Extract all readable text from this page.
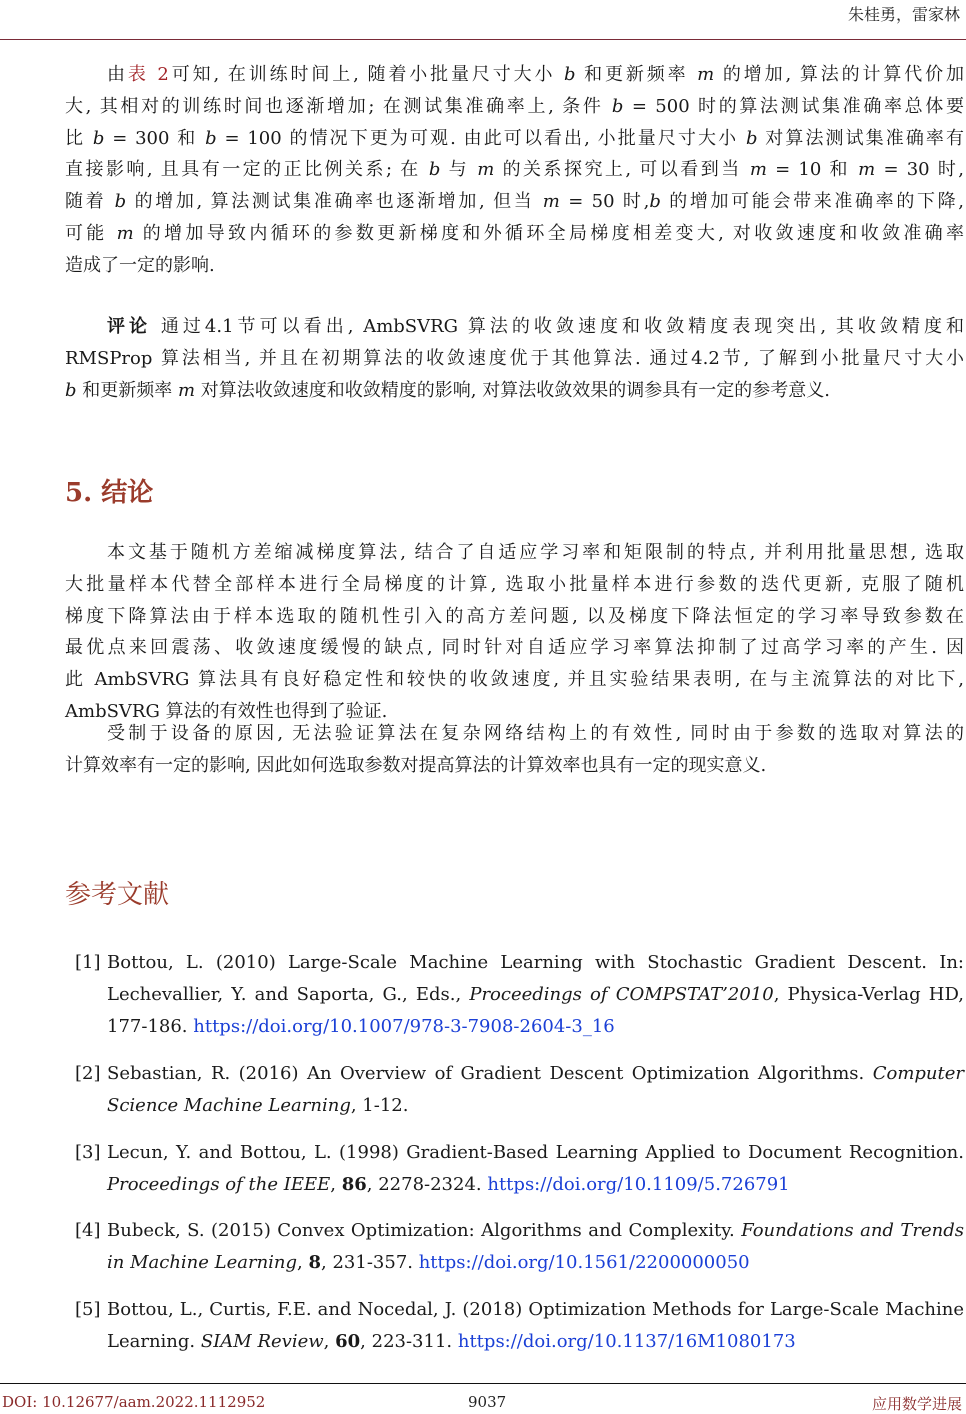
朱桂勇，雷家林
由表 2可知, 在训练时间上, 随着小批量尺寸大小 b 和更新频率 m 的增加, 算法的计算代价加
大, 其相对的训练时间也逐渐增加; 在测试集准确率上, 条件 b = 500 时的算法测试集准确率总体要
比 b = 300 和 b = 100 的情况下更为可观. 由此可以看出, 小批量尺寸大小 b 对算法测试集准确率有
直接影响, 且具有一定的正比例关系; 在 b 与 m 的关系探究上, 可以看到当 m = 10 和 m = 30 时,
随着 b 的增加, 算法测试集准确率也逐渐增加, 但当 m = 50 时,b 的增加可能会带来准确率的下降,
可能 m 的增加导致内循环的参数更新梯度和外循环全局梯度相差变大, 对收敛速度和收敛准确率
造成了一定的影响.
评论 通过4.1节可以看出, AmbSVRG 算法的收敛速度和收敛精度表现突出, 其收敛精度和
RMSProp 算法相当, 并且在初期算法的收敛速度优于其他算法. 通过4.2节, 了解到小批量尺寸大小
b 和更新频率 m 对算法收敛速度和收敛精度的影响, 对算法收敛效果的调参具有一定的参考意义.
5. 结论
本文基于随机方差缩减梯度算法, 结合了自适应学习率和矩限制的特点, 并利用批量思想, 选取
大批量样本代替全部样本进行全局梯度的计算, 选取小批量样本进行参数的迭代更新, 克服了随机
梯度下降算法由于样本选取的随机性引入的高方差问题, 以及梯度下降法恒定的学习率导致参数在
最优点来回震荡、收敛速度缓慢的缺点, 同时针对自适应学习率算法抑制了过高学习率的产生. 因
此 AmbSVRG 算法具有良好稳定性和较快的收敛速度, 并且实验结果表明, 在与主流算法的对比下,
AmbSVRG 算法的有效性也得到了验证.
受制于设备的原因, 无法验证算法在复杂网络结构上的有效性, 同时由于参数的选取对算法的
计算效率有一定的影响, 因此如何选取参数对提高算法的计算效率也具有一定的现实意义.
参考文献
[1] Bottou, L. (2010) Large-Scale Machine Learning with Stochastic Gradient Descent. In:
Lechevallier, Y. and Saporta, G., Eds., Proceedings of COMPSTAT’2010, Physica-Verlag HD,
177-186. https://doi.org/10.1007/978-3-7908-2604-3_16
[2] Sebastian, R. (2016) An Overview of Gradient Descent Optimization Algorithms. Computer
Science Machine Learning, 1-12.
[3] Lecun, Y. and Bottou, L. (1998) Gradient-Based Learning Applied to Document Recognition.
Proceedings of the IEEE, 86, 2278-2324. https://doi.org/10.1109/5.726791
[4] Bubeck, S. (2015) Convex Optimization: Algorithms and Complexity. Foundations and Trends
in Machine Learning, 8, 231-357. https://doi.org/10.1561/2200000050
[5] Bottou, L., Curtis, F.E. and Nocedal, J. (2018) Optimization Methods for Large-Scale Machine
Learning. SIAM Review, 60, 223-311. https://doi.org/10.1137/16M1080173
DOI: 10.12677/aam.2022.1112952	9037	应用数学进展
